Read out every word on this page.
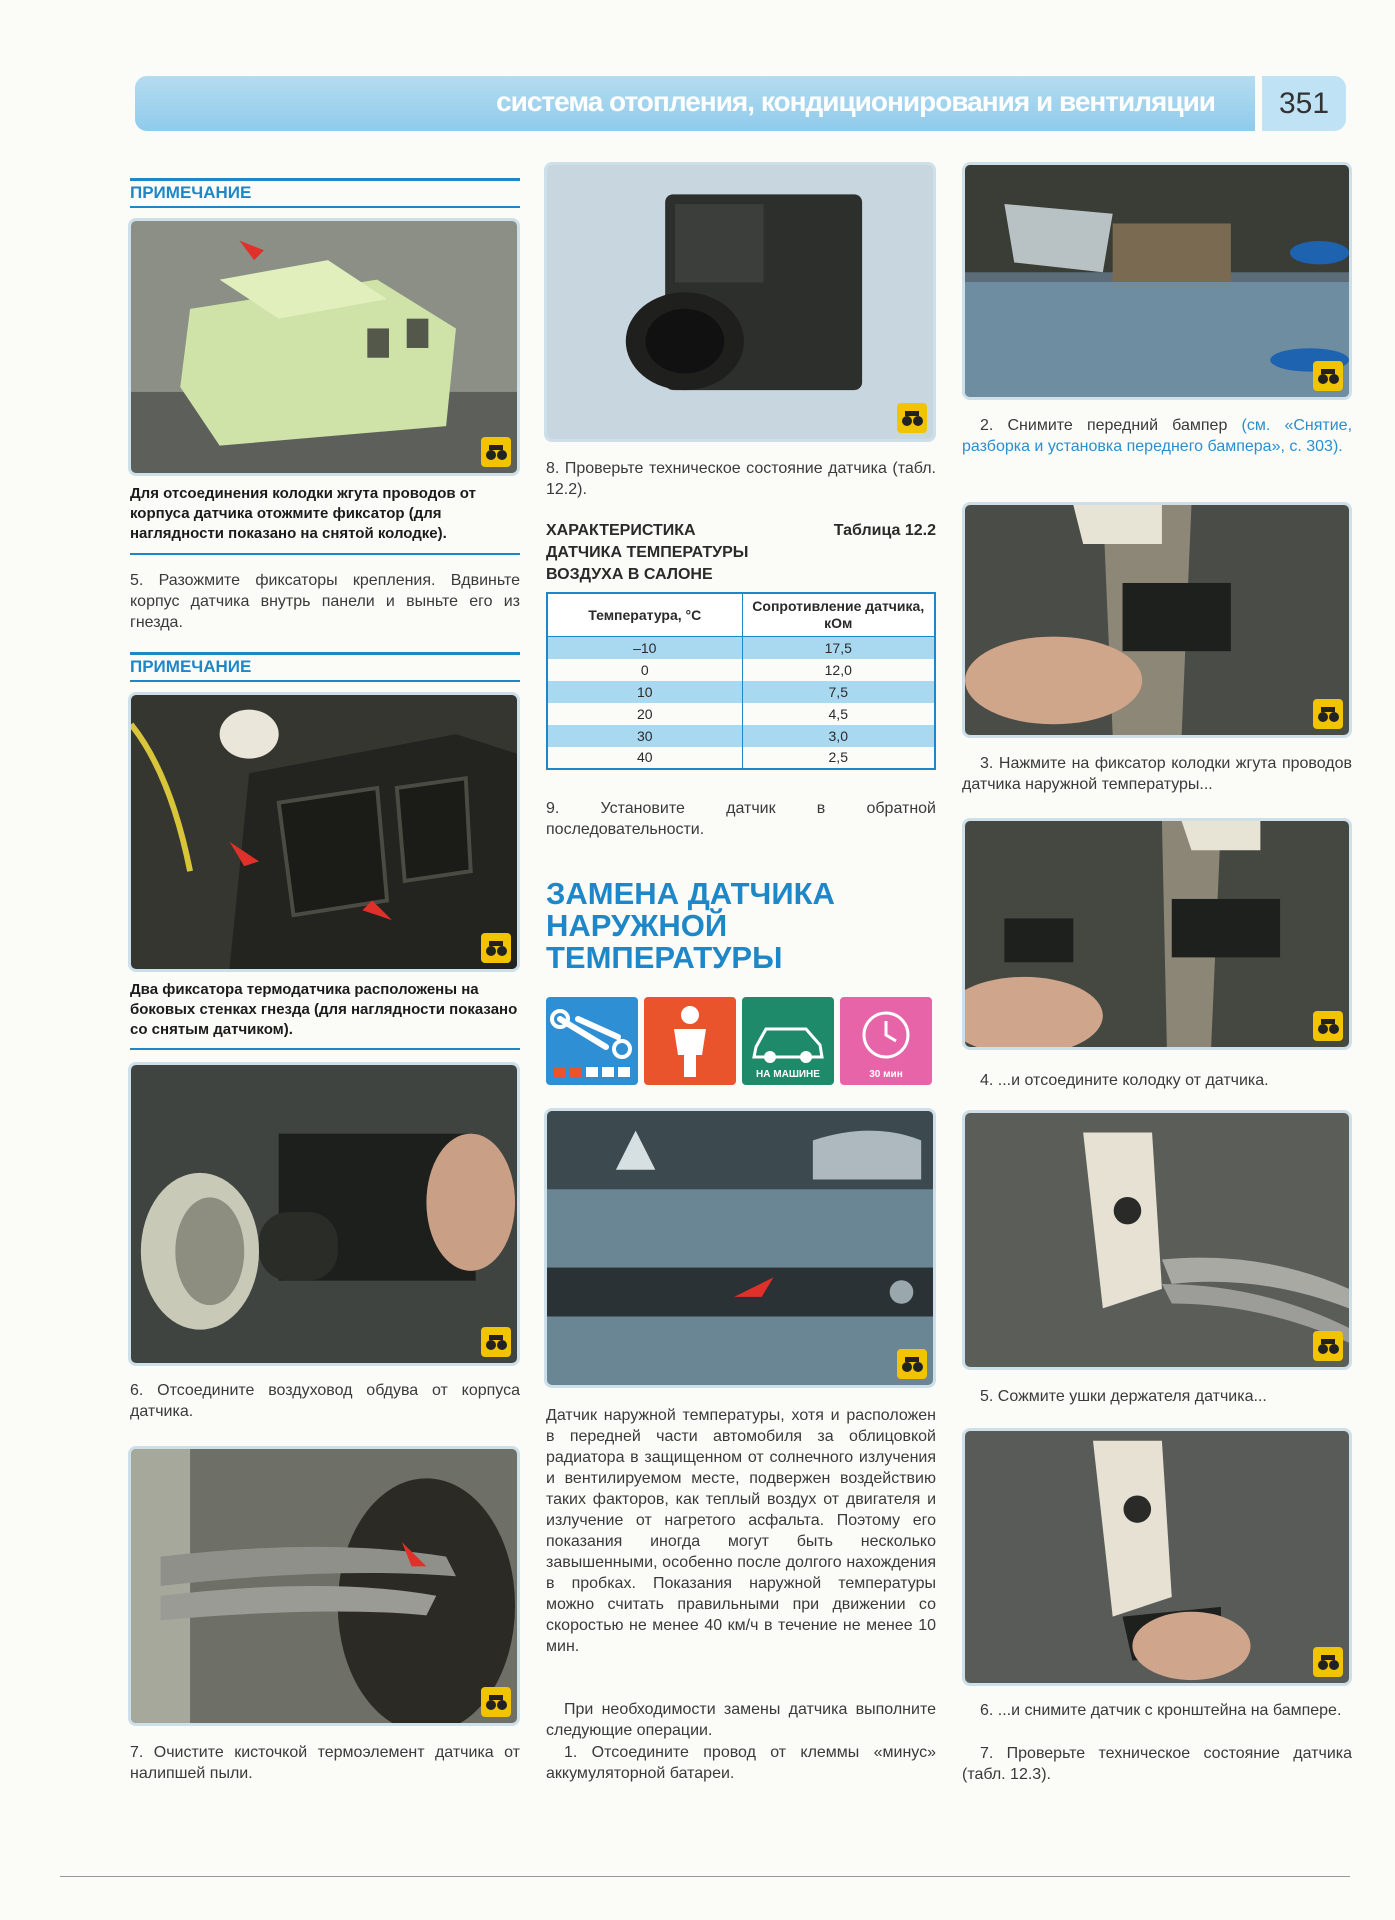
система отопления, кондиционирования и вентиляции	351
ПРИМЕЧАНИЕ
Для отсоединения колодки жгута проводов от корпуса датчика отожмите фиксатор (для наглядности показано на снятой колодке).
5. Разожмите фиксаторы крепления. Вдвиньте корпус датчика внутрь панели и выньте его из гнезда.
ПРИМЕЧАНИЕ
Два фиксатора термодатчика расположены на боковых стенках гнезда (для наглядности показано со снятым датчиком).
6. Отсоедините воздуховод обдува от корпуса датчика.
7. Очистите кисточкой термоэлемент датчика от налипшей пыли.
8. Проверьте техническое состояние датчика (табл. 12.2).
ХАРАКТЕРИСТИКА
ДАТЧИКА ТЕМПЕРАТУРЫ
ВОЗДУХА В САЛОНЕ
Таблица 12.2
Температура, °С	Сопротивление датчика, кОм
–10	17,5
0	12,0
10	7,5
20	4,5
30	3,0
40	2,5
9. Установите датчик в обратной последовательности.
ЗАМЕНА ДАТЧИКА НАРУЖНОЙ ТЕМПЕРАТУРЫ
НА МАШИНЕ	30 мин
Датчик наружной температуры, хотя и расположен в передней части автомобиля за облицовкой радиатора в защищенном от солнечного излучения и вентилируемом месте, подвержен воздействию таких факторов, как теплый воздух от двигателя и излучение от нагретого асфальта. Поэтому его показания иногда могут быть несколько завышенными, особенно после долгого нахождения в пробках. Показания наружной температуры можно считать правильными при движении со скоростью не менее 40 км/ч в течение не менее 10 мин.
При необходимости замены датчика выполните следующие операции.
1. Отсоедините провод от клеммы «минус» аккумуляторной батареи.
2. Снимите передний бампер (см. «Снятие, разборка и установка переднего бампера», с. 303).
3. Нажмите на фиксатор колодки жгута проводов датчика наружной температуры...
4. ...и отсоедините колодку от датчика.
5. Сожмите ушки держателя датчика...
6. ...и снимите датчик с кронштейна на бампере.
7. Проверьте техническое состояние датчика (табл. 12.3).
